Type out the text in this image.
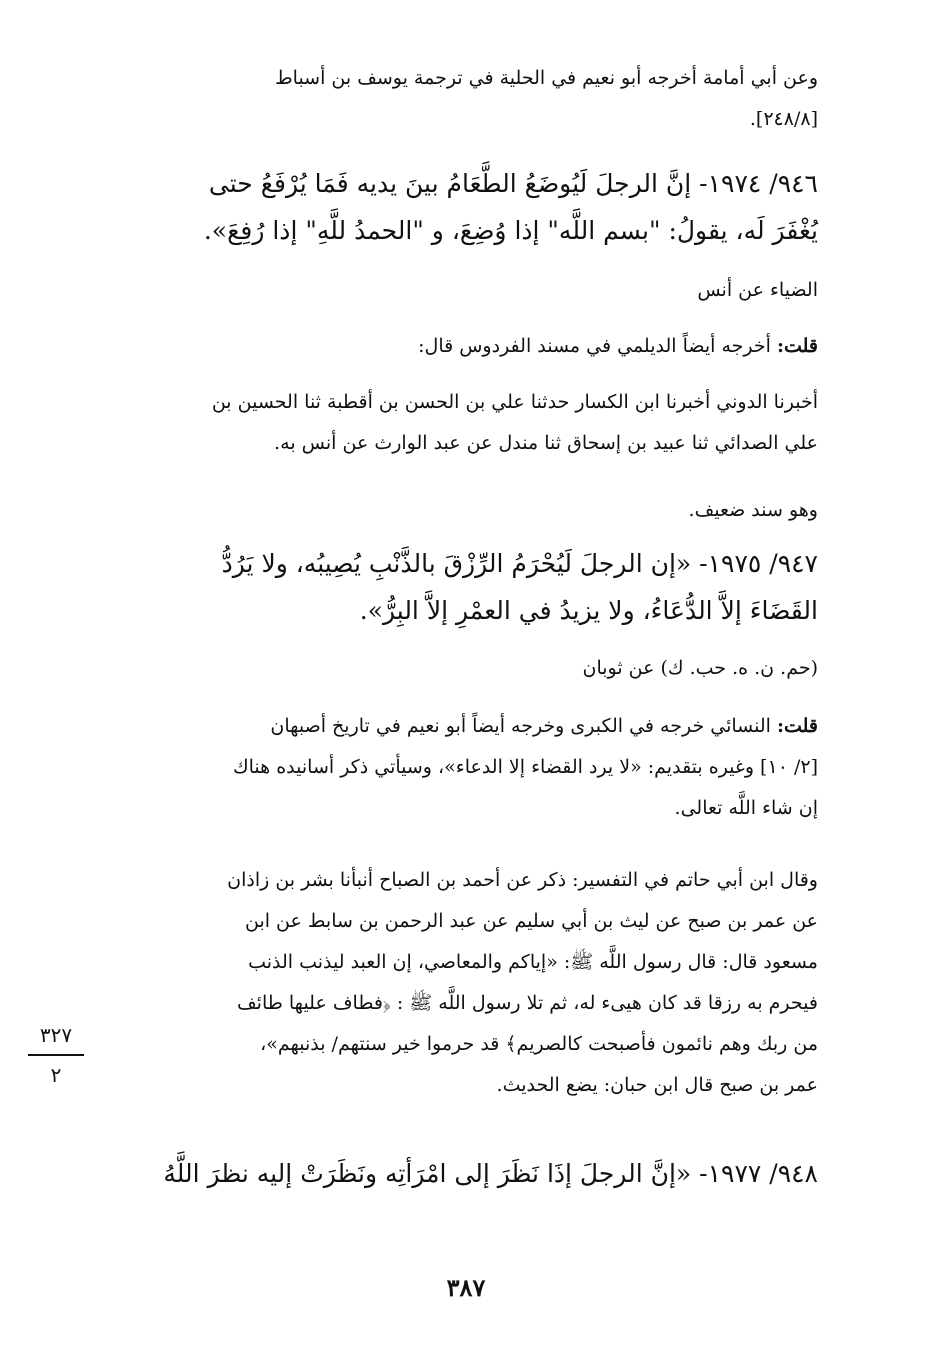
وعن أبي أمامة أخرجه أبو نعيم في الحلية في ترجمة يوسف بن أسباط

[٢٤٨/٨].

٩٤٦/ ١٩٧٤- إنَّ الرجلَ لَيُوضَعُ الطَّعَامُ بينَ يديه فَمَا يُرْفَعُ حتى

يُغْفَرَ لَه، يقولُ: "بسم اللَّه" إذا وُضِعَ، و "الحمدُ للَّهِ" إذا رُفِعَ».

الضياء عن أنس

قلت: أخرجه أيضاً الديلمي في مسند الفردوس قال:

أخبرنا الدوني أخبرنا ابن الكسار حدثنا علي بن الحسن بن أقطبة ثنا الحسين بن

علي الصدائي ثنا عبيد بن إسحاق ثنا مندل عن عبد الوارث عن أنس به.

وهو سند ضعيف.

٩٤٧/ ١٩٧٥- «إن الرجلَ لَيُحْرَمُ الرِّزْقَ بالذَّنْبِ يُصِيبُه، ولا يَرُدُّ

القَضَاءَ إلاَّ الدُّعَاءُ، ولا يزيدُ في العمْرِ إلاَّ البِرُّ».

(حم. ن. ه. حب. ك) عن ثوبان

قلت: النسائي خرجه في الكبرى وخرجه أيضاً أبو نعيم في تاريخ أصبهان

[٢/ ١٠] وغيره بتقديم: «لا يرد القضاء إلا الدعاء»، وسيأتي ذكر أسانيده هناك

إن شاء اللَّه تعالى.

وقال ابن أبي حاتم في التفسير: ذكر عن أحمد بن الصباح أنبأنا بشر بن زاذان

عن عمر بن صبح عن ليث بن أبي سليم عن عبد الرحمن بن سابط عن ابن

مسعود قال: قال رسول اللَّه ﷺ: «إياكم والمعاصي، إن العبد ليذنب الذنب

فيحرم به رزقا قد كان هيىء له، ثم تلا رسول اللَّه ﷺ : ﴿فطاف عليها طائف

من ربك وهم نائمون فأصبحت كالصريم﴾ قد حرموا خير سنتهم/ بذنبهم»،

عمر بن صبح قال ابن حبان: يضع الحديث.

٩٤٨/ ١٩٧٧- «إنَّ الرجلَ إذَا نَظَرَ إلى امْرَأتِه ونَظَرَتْ إليه نظرَ اللَّهُ

٣٢٧
٢
٣٨٧
